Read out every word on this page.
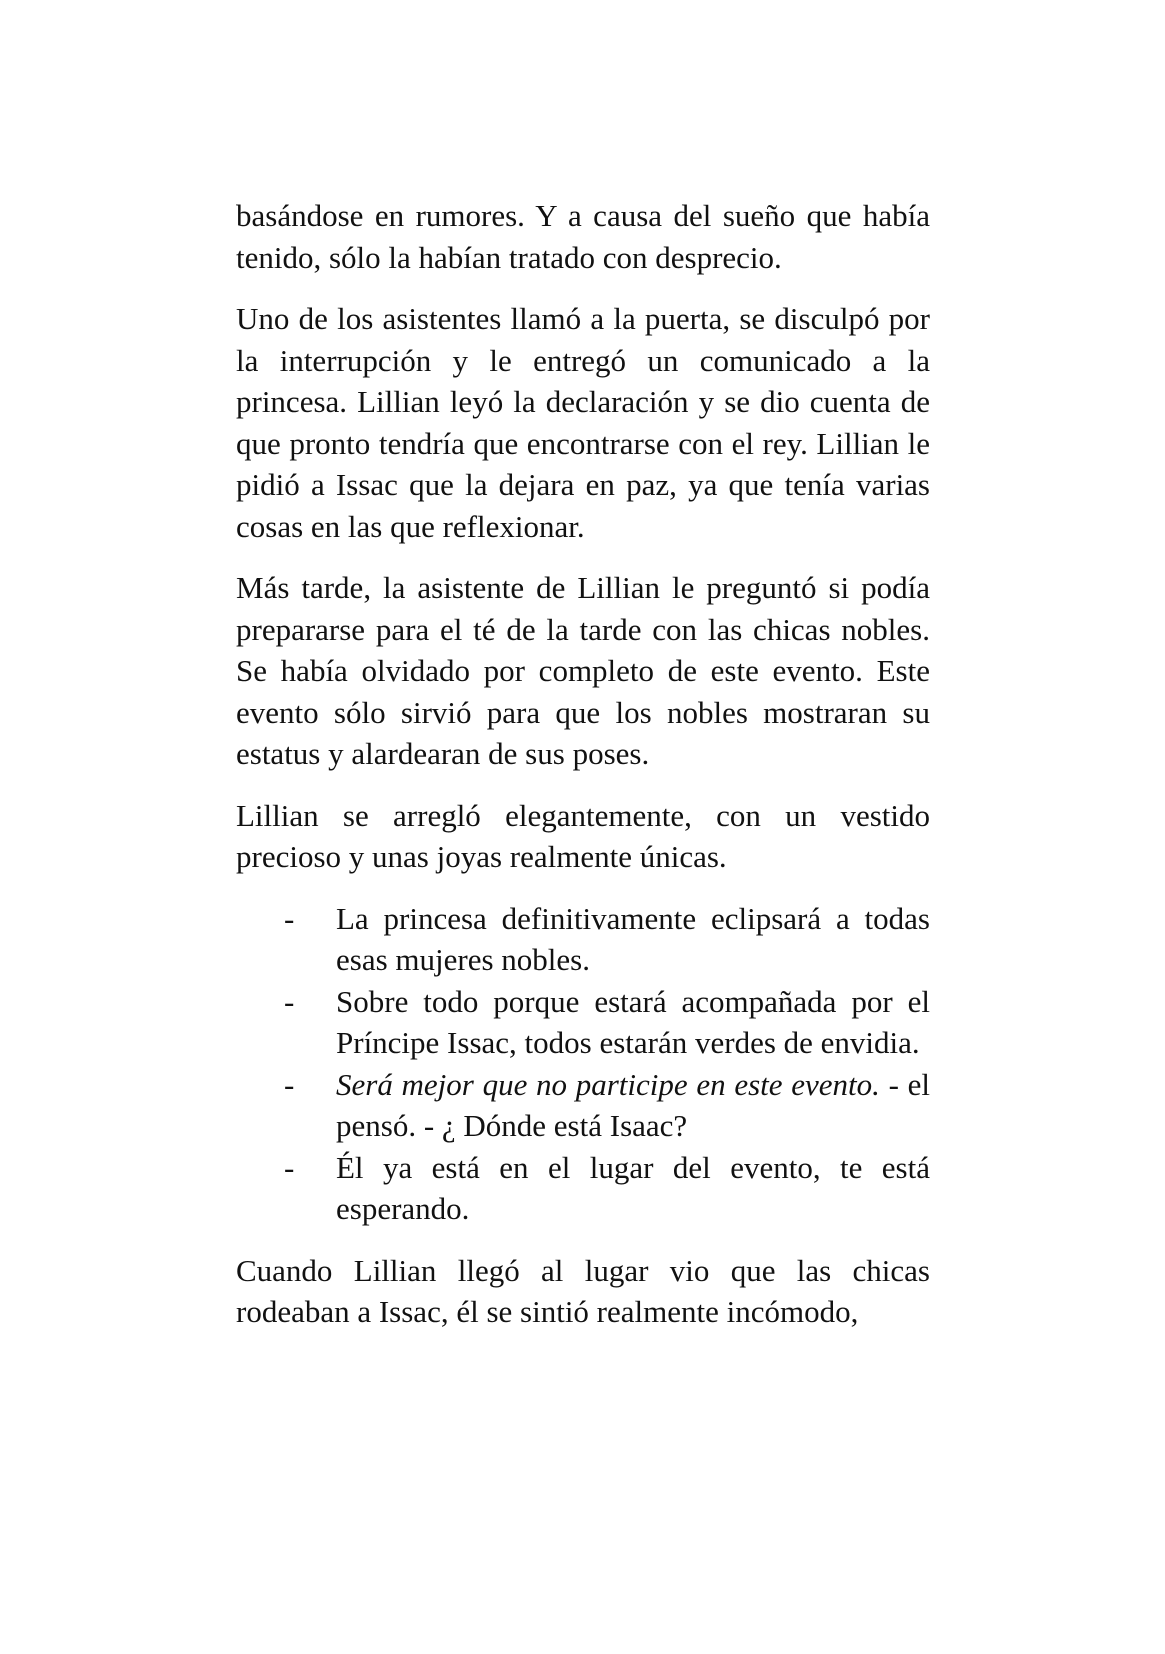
basándose en rumores. Y a causa del sueño que había tenido, sólo la habían tratado con desprecio.

Uno de los asistentes llamó a la puerta, se disculpó por la interrupción y le entregó un comunicado a la princesa. Lillian leyó la declaración y se dio cuenta de que pronto tendría que encontrarse con el rey. Lillian le pidió a Issac que la dejara en paz, ya que tenía varias cosas en las que reflexionar.

Más tarde, la asistente de Lillian le preguntó si podía prepararse para el té de la tarde con las chicas nobles. Se había olvidado por completo de este evento. Este evento sólo sirvió para que los nobles mostraran su estatus y alardearan de sus poses.

Lillian se arregló elegantemente, con un vestido precioso y unas joyas realmente únicas.

- La princesa definitivamente eclipsará a todas esas mujeres nobles.
- Sobre todo porque estará acompañada por el Príncipe Issac, todos estarán verdes de envidia.
- Será mejor que no participe en este evento. - el pensó. - ¿ Dónde está Isaac?
- Él ya está en el lugar del evento, te está esperando.

Cuando Lillian llegó al lugar vio que las chicas rodeaban a Issac, él se sintió realmente incómodo,
